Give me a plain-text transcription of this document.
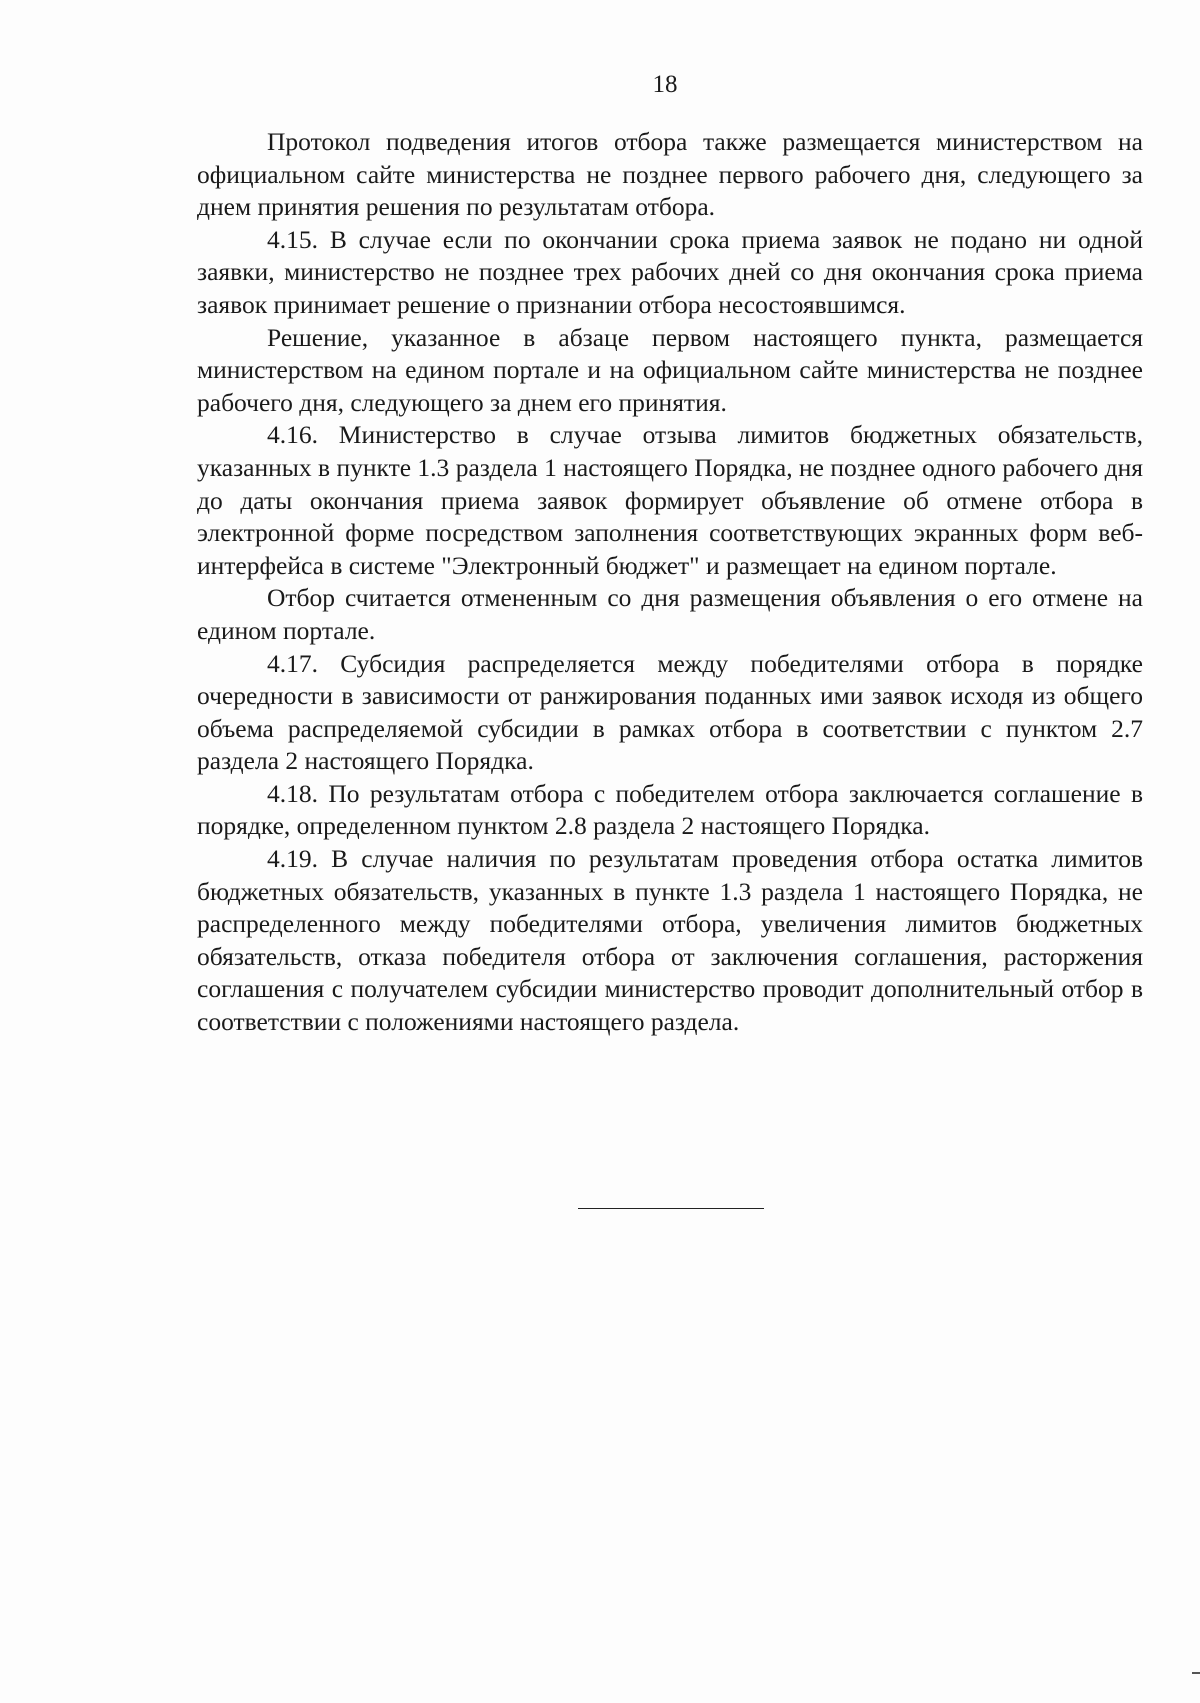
18

Протокол подведения итогов отбора также размещается министерством на официальном сайте министерства не позднее первого рабочего дня, следующего за днем принятия решения по результатам отбора.

4.15. В случае если по окончании срока приема заявок не подано ни одной заявки, министерство не позднее трех рабочих дней со дня окончания срока приема заявок принимает решение о признании отбора несостоявшимся.

Решение, указанное в абзаце первом настоящего пункта, размещается министерством на едином портале и на официальном сайте министерства не позднее рабочего дня, следующего за днем его принятия.

4.16. Министерство в случае отзыва лимитов бюджетных обязательств, указанных в пункте 1.3 раздела 1 настоящего Порядка, не позднее одного рабочего дня до даты окончания приема заявок формирует объявление об отмене отбора в электронной форме посредством заполнения соответствующих экранных форм веб-интерфейса в системе "Электронный бюджет" и размещает на едином портале.

Отбор считается отмененным со дня размещения объявления о его отмене на едином портале.

4.17. Субсидия распределяется между победителями отбора в порядке очередности в зависимости от ранжирования поданных ими заявок исходя из общего объема распределяемой субсидии в рамках отбора в соответствии с пунктом 2.7 раздела 2 настоящего Порядка.

4.18. По результатам отбора с победителем отбора заключается соглашение в порядке, определенном пунктом 2.8 раздела 2 настоящего Порядка.

4.19. В случае наличия по результатам проведения отбора остатка лимитов бюджетных обязательств, указанных в пункте 1.3 раздела 1 настоящего Порядка, не распределенного между победителями отбора, увеличения лимитов бюджетных обязательств, отказа победителя отбора от заключения соглашения, расторжения соглашения с получателем субсидии министерство проводит дополнительный отбор в соответствии с положениями настоящего раздела.
